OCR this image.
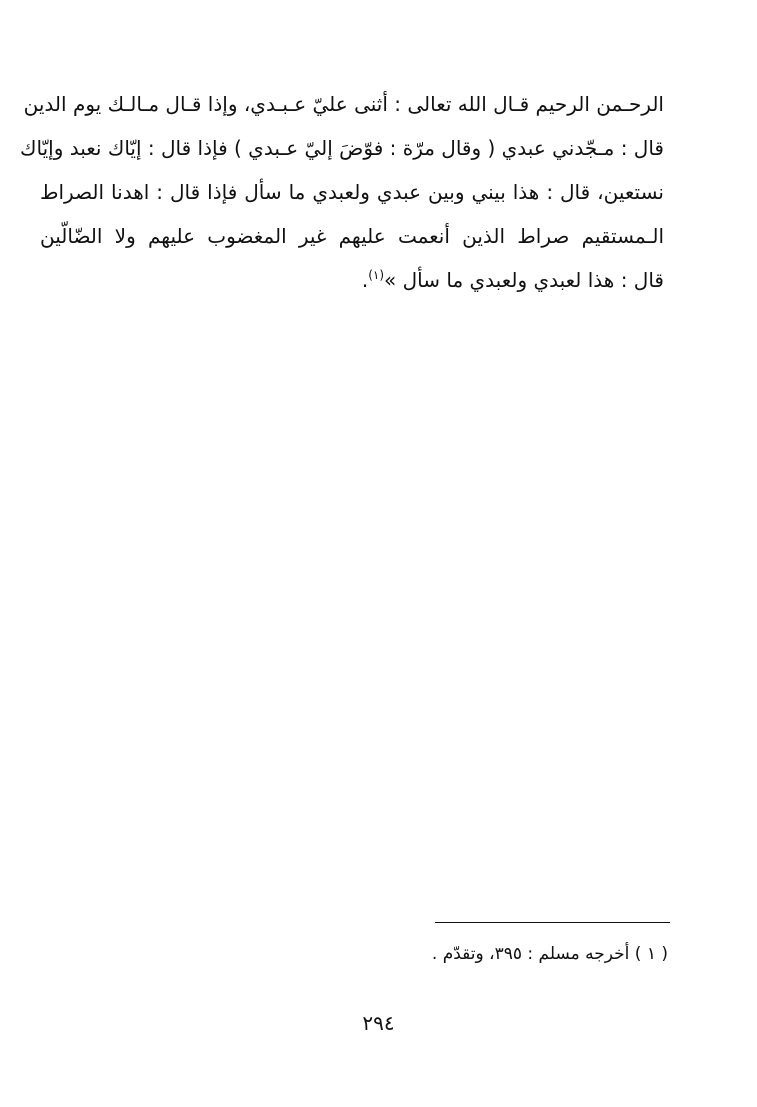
الرحـمن الرحيم قـال الله تعالى : أثنى عليّ عـبـدي، وإذا قـال مـالـك يوم الدين
قال : مـجّدني عبدي ( وقال مرّة : فوّضَ إليّ عـبدي ) فإذا قال : إيّاك نعبد وإيّاك
نستعين، قال : هذا بيني وبين عبدي ولعبدي ما سأل فإذا قال : اهدنا الصراط
الـمستقيم صراط الذين أنعمت عليهم غير المغضوب عليهم ولا الضّالّين
قال : هذا لعبدي ولعبدي ما سأل »$^{(١)}$.
( ١ ) أخرجه مسلم : ٣٩٥، وتقدّم .
٢٩٤
